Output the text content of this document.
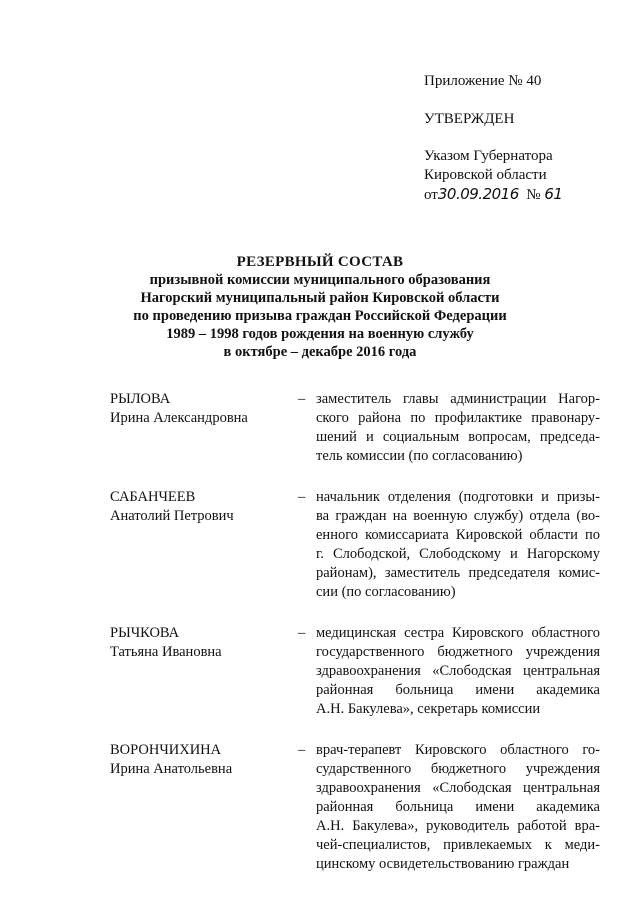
Приложение № 40
УТВЕРЖДЕН
Указом Губернатора
Кировской области
от30.09.2016 № 61
РЕЗЕРВНЫЙ СОСТАВ
призывной комиссии муниципального образования
Нагорский муниципальный район Кировской области
по проведению призыва граждан Российской Федерации
1989 – 1998 годов рождения на военную службу
в октябре – декабре 2016 года
РЫЛОВА
Ирина Александровна
– заместитель главы администрации Нагор-
ского района по профилактике правонару-
шений и социальным вопросам, председа-
тель комиссии (по согласованию)
САБАНЧЕЕВ
Анатолий Петрович
– начальник отделения (подготовки и призы-
ва граждан на военную службу) отдела (во-
енного комиссариата Кировской области по
г. Слободской, Слободскому и Нагорскому
районам), заместитель председателя комис-
сии (по согласованию)
РЫЧКОВА
Татьяна Ивановна
– медицинская сестра Кировского областного
государственного бюджетного учреждения
здравоохранения «Слободская центральная
районная больница имени академика
А.Н. Бакулева», секретарь комиссии
ВОРОНЧИХИНА
Ирина Анатольевна
– врач-терапевт Кировского областного го-
сударственного бюджетного учреждения
здравоохранения «Слободская центральная
районная больница имени академика
А.Н. Бакулева», руководитель работой вра-
чей-специалистов, привлекаемых к меди-
цинскому освидетельствованию граждан
